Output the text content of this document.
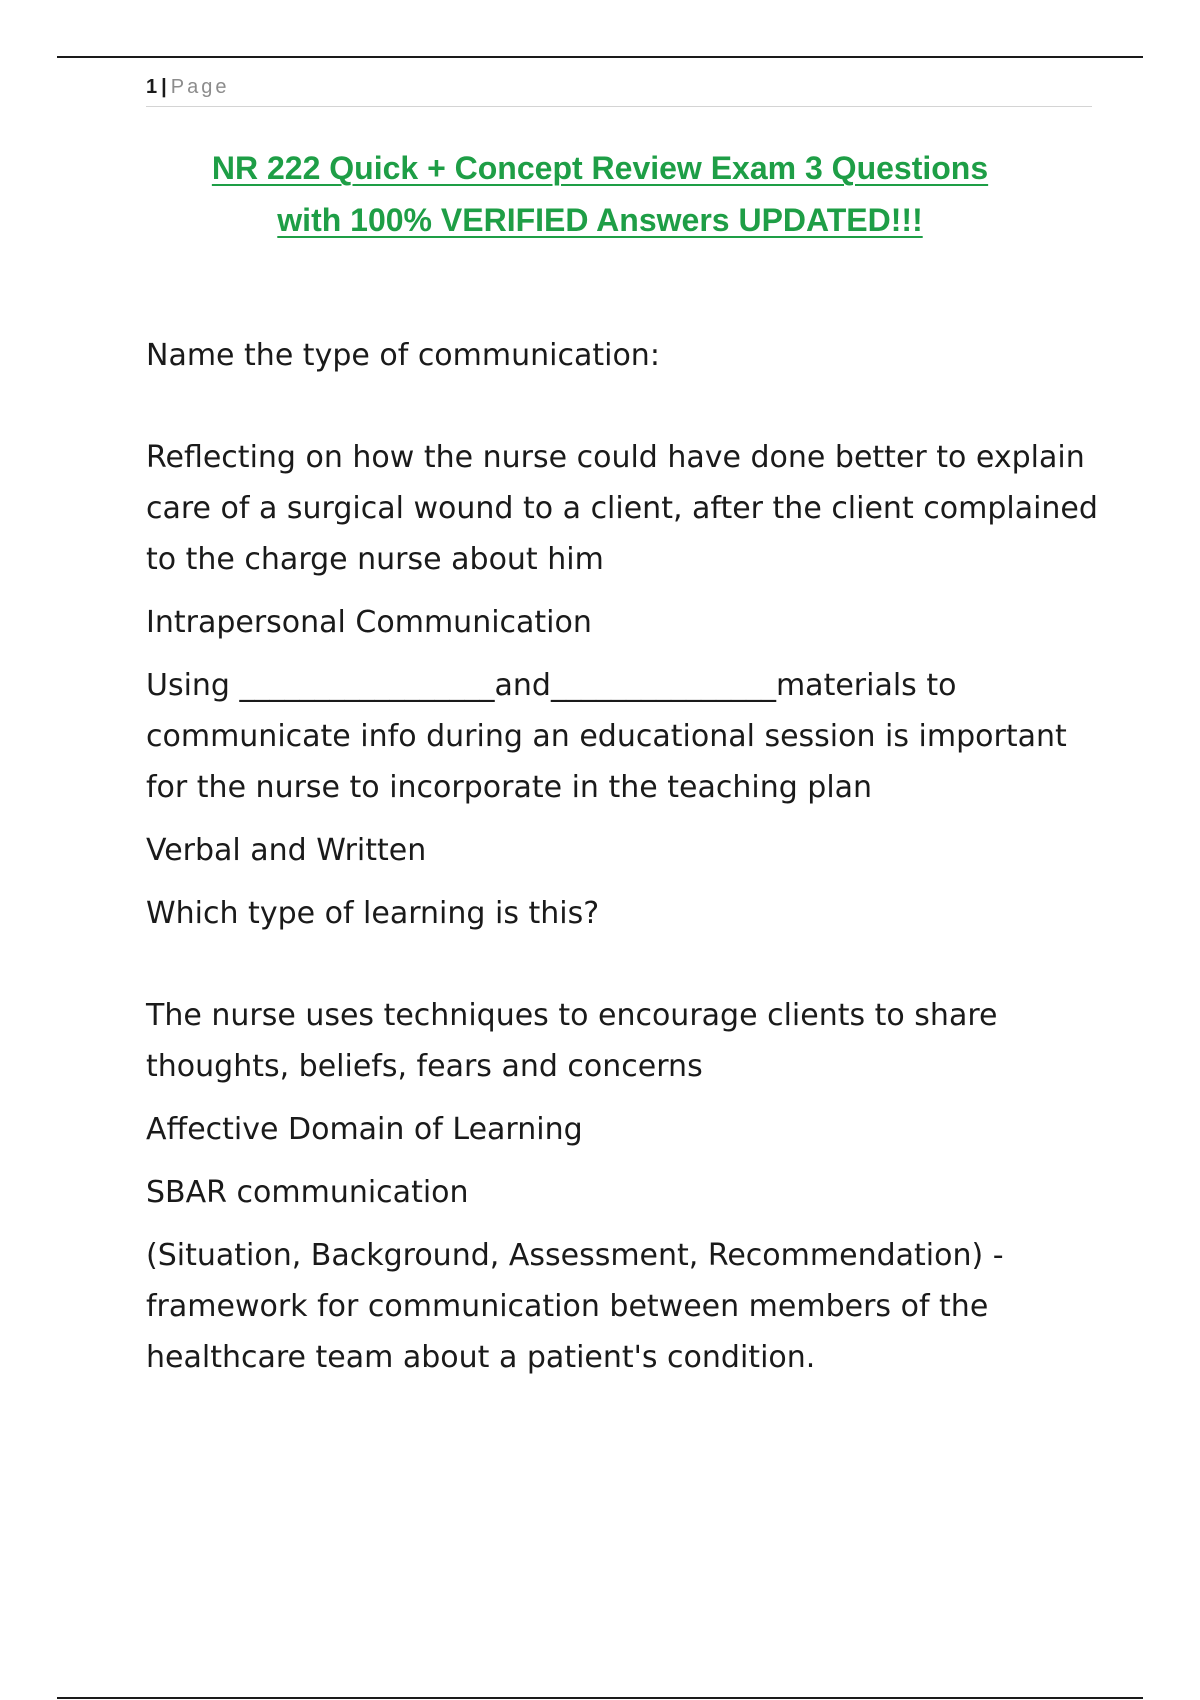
1 | Page
NR 222 Quick + Concept Review Exam 3 Questions
with 100% VERIFIED Answers UPDATED!!!

Name the type of communication:

Reflecting on how the nurse could have done better to explain care of a surgical wound to a client, after the client complained to the charge nurse about him

Intrapersonal Communication

Using _________________and_______________materials to communicate info during an educational session is important for the nurse to incorporate in the teaching plan

Verbal and Written

Which type of learning is this?

The nurse uses techniques to encourage clients to share thoughts, beliefs, fears and concerns

Affective Domain of Learning

SBAR communication

(Situation, Background, Assessment, Recommendation) - framework for communication between members of the healthcare team about a patient's condition.
